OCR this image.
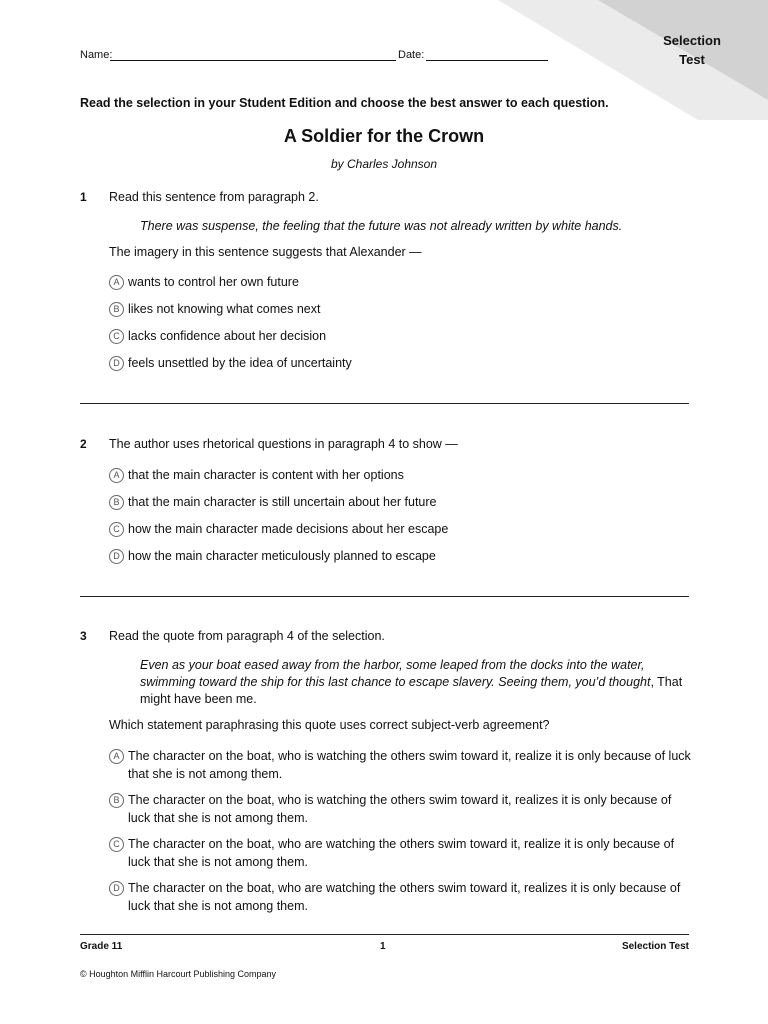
Selection
Test
Name:	Date:
Read the selection in your Student Edition and choose the best answer to each question.
A Soldier for the Crown
by Charles Johnson
1 Read this sentence from paragraph 2.
There was suspense, the feeling that the future was not already written by white hands.
The imagery in this sentence suggests that Alexander —
A wants to control her own future
B likes not knowing what comes next
C lacks confidence about her decision
D feels unsettled by the idea of uncertainty
2 The author uses rhetorical questions in paragraph 4 to show —
A that the main character is content with her options
B that the main character is still uncertain about her future
C how the main character made decisions about her escape
D how the main character meticulously planned to escape
3 Read the quote from paragraph 4 of the selection.
Even as your boat eased away from the harbor, some leaped from the docks into the water, swimming toward the ship for this last chance to escape slavery. Seeing them, you’d thought, That might have been me.
Which statement paraphrasing this quote uses correct subject-verb agreement?
A The character on the boat, who is watching the others swim toward it, realize it is only because of luck that she is not among them.
B The character on the boat, who is watching the others swim toward it, realizes it is only because of luck that she is not among them.
C The character on the boat, who are watching the others swim toward it, realize it is only because of luck that she is not among them.
D The character on the boat, who are watching the others swim toward it, realizes it is only because of luck that she is not among them.
Grade 11	1	Selection Test
© Houghton Mifflin Harcourt Publishing Company
